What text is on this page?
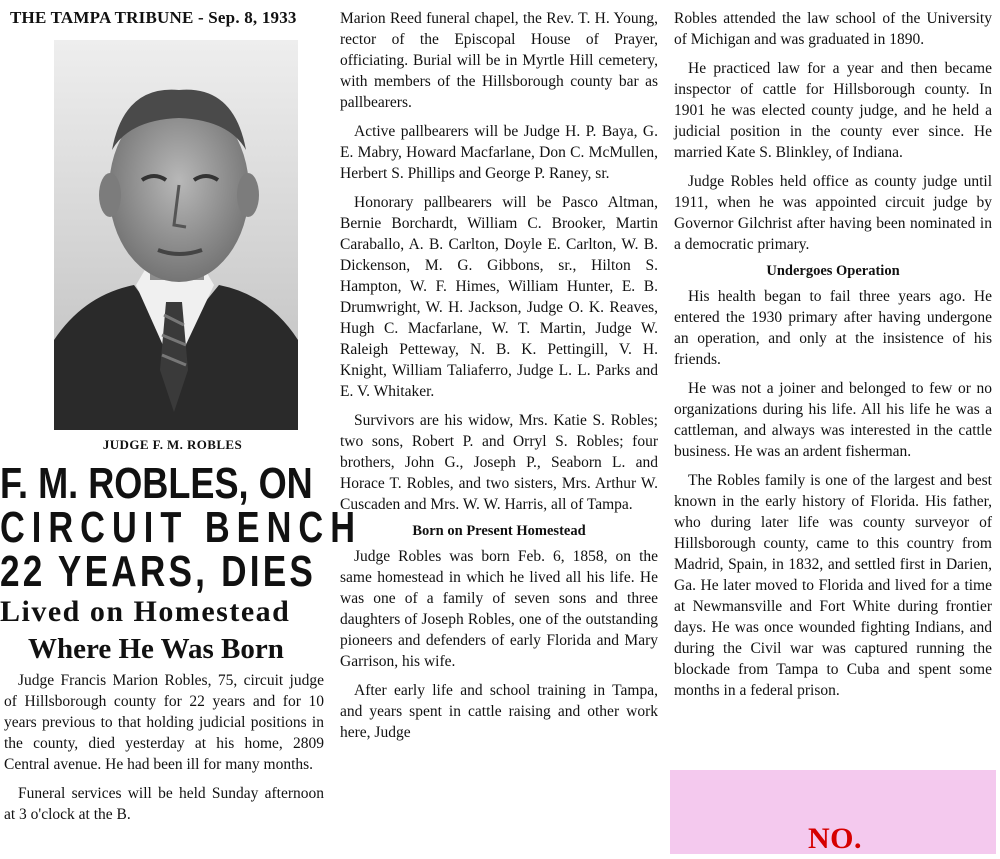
THE TAMPA TRIBUNE - Sep. 8, 1933
JUDGE F. M. ROBLES
F. M. ROBLES, ON
CIRCUIT BENCH
22 YEARS, DIES
Lived on Homestead
Where He Was Born

Judge Francis Marion Robles, 75, circuit judge of Hillsborough county for 22 years and for 10 years previous to that holding judicial positions in the county, died yesterday at his home, 2809 Central avenue. He had been ill for many months.

Funeral services will be held Sunday afternoon at 3 o'clock at the B.

Marion Reed funeral chapel, the Rev. T. H. Young, rector of the Episcopal House of Prayer, officiating. Burial will be in Myrtle Hill cemetery, with members of the Hillsborough county bar as pallbearers.

Active pallbearers will be Judge H. P. Baya, G. E. Mabry, Howard Macfarlane, Don C. McMullen, Herbert S. Phillips and George P. Raney, sr.

Honorary pallbearers will be Pasco Altman, Bernie Borchardt, William C. Brooker, Martin Caraballo, A. B. Carlton, Doyle E. Carlton, W. B. Dickenson, M. G. Gibbons, sr., Hilton S. Hampton, W. F. Himes, William Hunter, E. B. Drumwright, W. H. Jackson, Judge O. K. Reaves, Hugh C. Macfarlane, W. T. Martin, Judge W. Raleigh Petteway, N. B. K. Pettingill, V. H. Knight, William Taliaferro, Judge L. L. Parks and E. V. Whitaker.

Survivors are his widow, Mrs. Katie S. Robles; two sons, Robert P. and Orryl S. Robles; four brothers, John G., Joseph P., Seaborn L. and Horace T. Robles, and two sisters, Mrs. Arthur W. Cuscaden and Mrs. W. W. Harris, all of Tampa.

Born on Present Homestead

Judge Robles was born Feb. 6, 1858, on the same homestead in which he lived all his life. He was one of a family of seven sons and three daughters of Joseph Robles, one of the outstanding pioneers and defenders of early Florida and Mary Garrison, his wife.

After early life and school training in Tampa, and years spent in cattle raising and other work here, Judge

Robles attended the law school of the University of Michigan and was graduated in 1890.

He practiced law for a year and then became inspector of cattle for Hillsborough county. In 1901 he was elected county judge, and he held a judicial position in the county ever since. He married Kate S. Blinkley, of Indiana.

Judge Robles held office as county judge until 1911, when he was appointed circuit judge by Governor Gilchrist after having been nominated in a democratic primary.

Undergoes Operation

His health began to fail three years ago. He entered the 1930 primary after having undergone an operation, and only at the insistence of his friends.

He was not a joiner and belonged to few or no organizations during his life. All his life he was a cattleman, and always was interested in the cattle business. He was an ardent fisherman.

The Robles family is one of the largest and best known in the early history of Florida. His father, who during later life was county surveyor of Hillsborough county, came to this country from Madrid, Spain, in 1832, and settled first in Darien, Ga. He later moved to Florida and lived for a time at Newmansville and Fort White during frontier days. He was once wounded fighting Indians, and during the Civil war was captured running the blockade from Tampa to Cuba and spent some months in a federal prison.

NO.
